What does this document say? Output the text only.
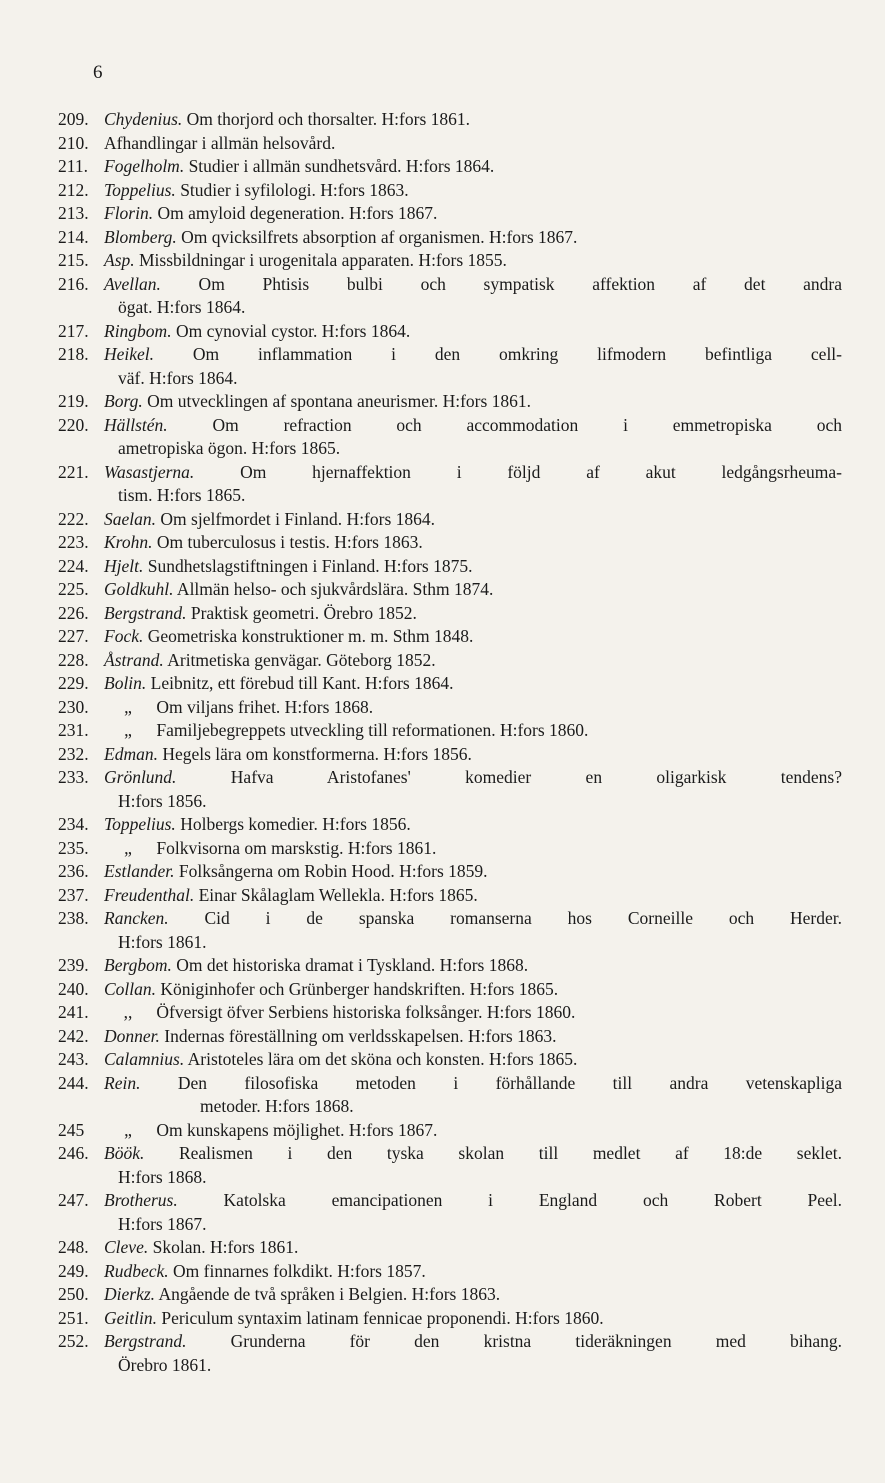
6
209. Chydenius. Om thorjord och thorsalter. H:fors 1861.
210. Afhandlingar i allmän helsovård.
211. Fogelholm. Studier i allmän sundhetsvård. H:fors 1864.
212. Toppelius. Studier i syfilologi. H:fors 1863.
213. Florin. Om amyloid degeneration. H:fors 1867.
214. Blomberg. Om qvicksilfrets absorption af organismen. H:fors 1867.
215. Asp. Missbildningar i urogenitala apparaten. H:fors 1855.
216. Avellan. Om Phtisis bulbi och sympatisk affektion af det andra
ögat. H:fors 1864.
217. Ringbom. Om cynovial cystor. H:fors 1864.
218. Heikel. Om inflammation i den omkring lifmodern befintliga cell-
väf. H:fors 1864.
219. Borg. Om utvecklingen af spontana aneurismer. H:fors 1861.
220. Hällstén. Om refraction och accommodation i emmetropiska och
ametropiska ögon. H:fors 1865.
221. Wasastjerna. Om hjernaffektion i följd af akut ledgångsrheuma-
tism. H:fors 1865.
222. Saelan. Om sjelfmordet i Finland. H:fors 1864.
223. Krohn. Om tuberculosus i testis. H:fors 1863.
224. Hjelt. Sundhetslagstiftningen i Finland. H:fors 1875.
225. Goldkuhl. Allmän helso- och sjukvårdslära. Sthm 1874.
226. Bergstrand. Praktisk geometri. Örebro 1852.
227. Fock. Geometriska konstruktioner m. m. Sthm 1848.
228. Åstrand. Aritmetiska genvägar. Göteborg 1852.
229. Bolin. Leibnitz, ett förebud till Kant. H:fors 1864.
230.	„ Om viljans frihet. H:fors 1868.
231.	„ Familjebegreppets utveckling till reformationen. H:fors 1860.
232. Edman. Hegels lära om konstformerna. H:fors 1856.
233. Grönlund. Hafva Aristofanes' komedier en oligarkisk tendens?
H:fors 1856.
234. Toppelius. Holbergs komedier. H:fors 1856.
235.	„ Folkvisorna om marskstig. H:fors 1861.
236. Estlander. Folksångerna om Robin Hood. H:fors 1859.
237. Freudenthal. Einar Skålaglam Wellekla. H:fors 1865.
238. Rancken. Cid i de spanska romanserna hos Corneille och Herder.
H:fors 1861.
239. Bergbom. Om det historiska dramat i Tyskland. H:fors 1868.
240. Collan. Königinhofer och Grünberger handskriften. H:fors 1865.
241.	,, Öfversigt öfver Serbiens historiska folksånger. H:fors 1860.
242. Donner. Indernas föreställning om verldsskapelsen. H:fors 1863.
243. Calamnius. Aristoteles lära om det sköna och konsten. H:fors 1865.
244. Rein. Den filosofiska metoden i förhållande till andra vetenskapliga
metoder. H:fors 1868.
245	„ Om kunskapens möjlighet. H:fors 1867.
246. Böök. Realismen i den tyska skolan till medlet af 18:de seklet.
H:fors 1868.
247. Brotherus. Katolska emancipationen i England och Robert Peel.
H:fors 1867.
248. Cleve. Skolan. H:fors 1861.
249. Rudbeck. Om finnarnes folkdikt. H:fors 1857.
250. Dierkz. Angående de två språken i Belgien. H:fors 1863.
251. Geitlin. Periculum syntaxim latinam fennicae proponendi. H:fors 1860.
252. Bergstrand. Grunderna för den kristna tideräkningen med bihang.
Örebro 1861.
